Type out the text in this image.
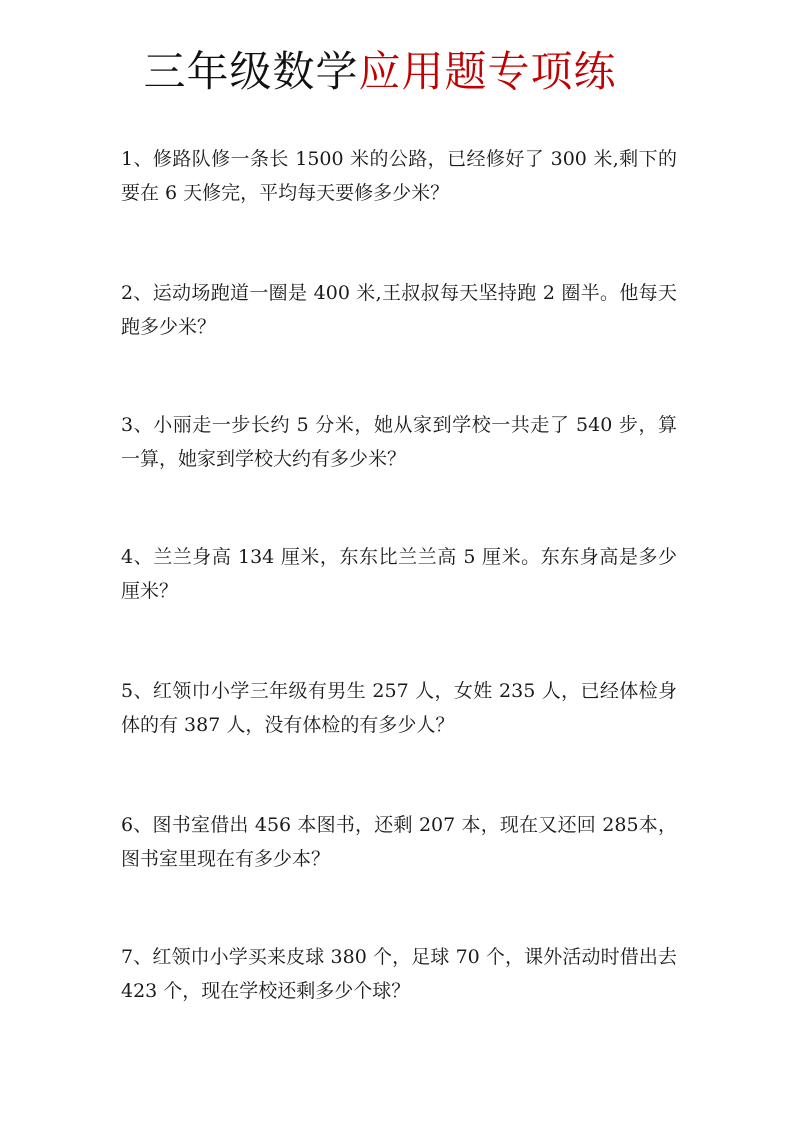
三年级数学应用题专项练
1、修路队修一条长 1500 米的公路，已经修好了 300 米,剩下的要在 6 天修完，平均每天要修多少米？
2、运动场跑道一圈是 400 米,王叔叔每天坚持跑 2 圈半。他每天跑多少米？
3、小丽走一步长约 5 分米，她从家到学校一共走了 540 步，算一算，她家到学校大约有多少米？
4、兰兰身高 134 厘米，东东比兰兰高 5 厘米。东东身高是多少厘米？
5、红领巾小学三年级有男生 257 人，女姓 235 人，已经体检身体的有 387 人，没有体检的有多少人？
6、图书室借出 456 本图书，还剩 207 本，现在又还回 285本，图书室里现在有多少本？
7、红领巾小学买来皮球 380 个，足球 70 个，课外活动时借出去 423 个，现在学校还剩多少个球？
